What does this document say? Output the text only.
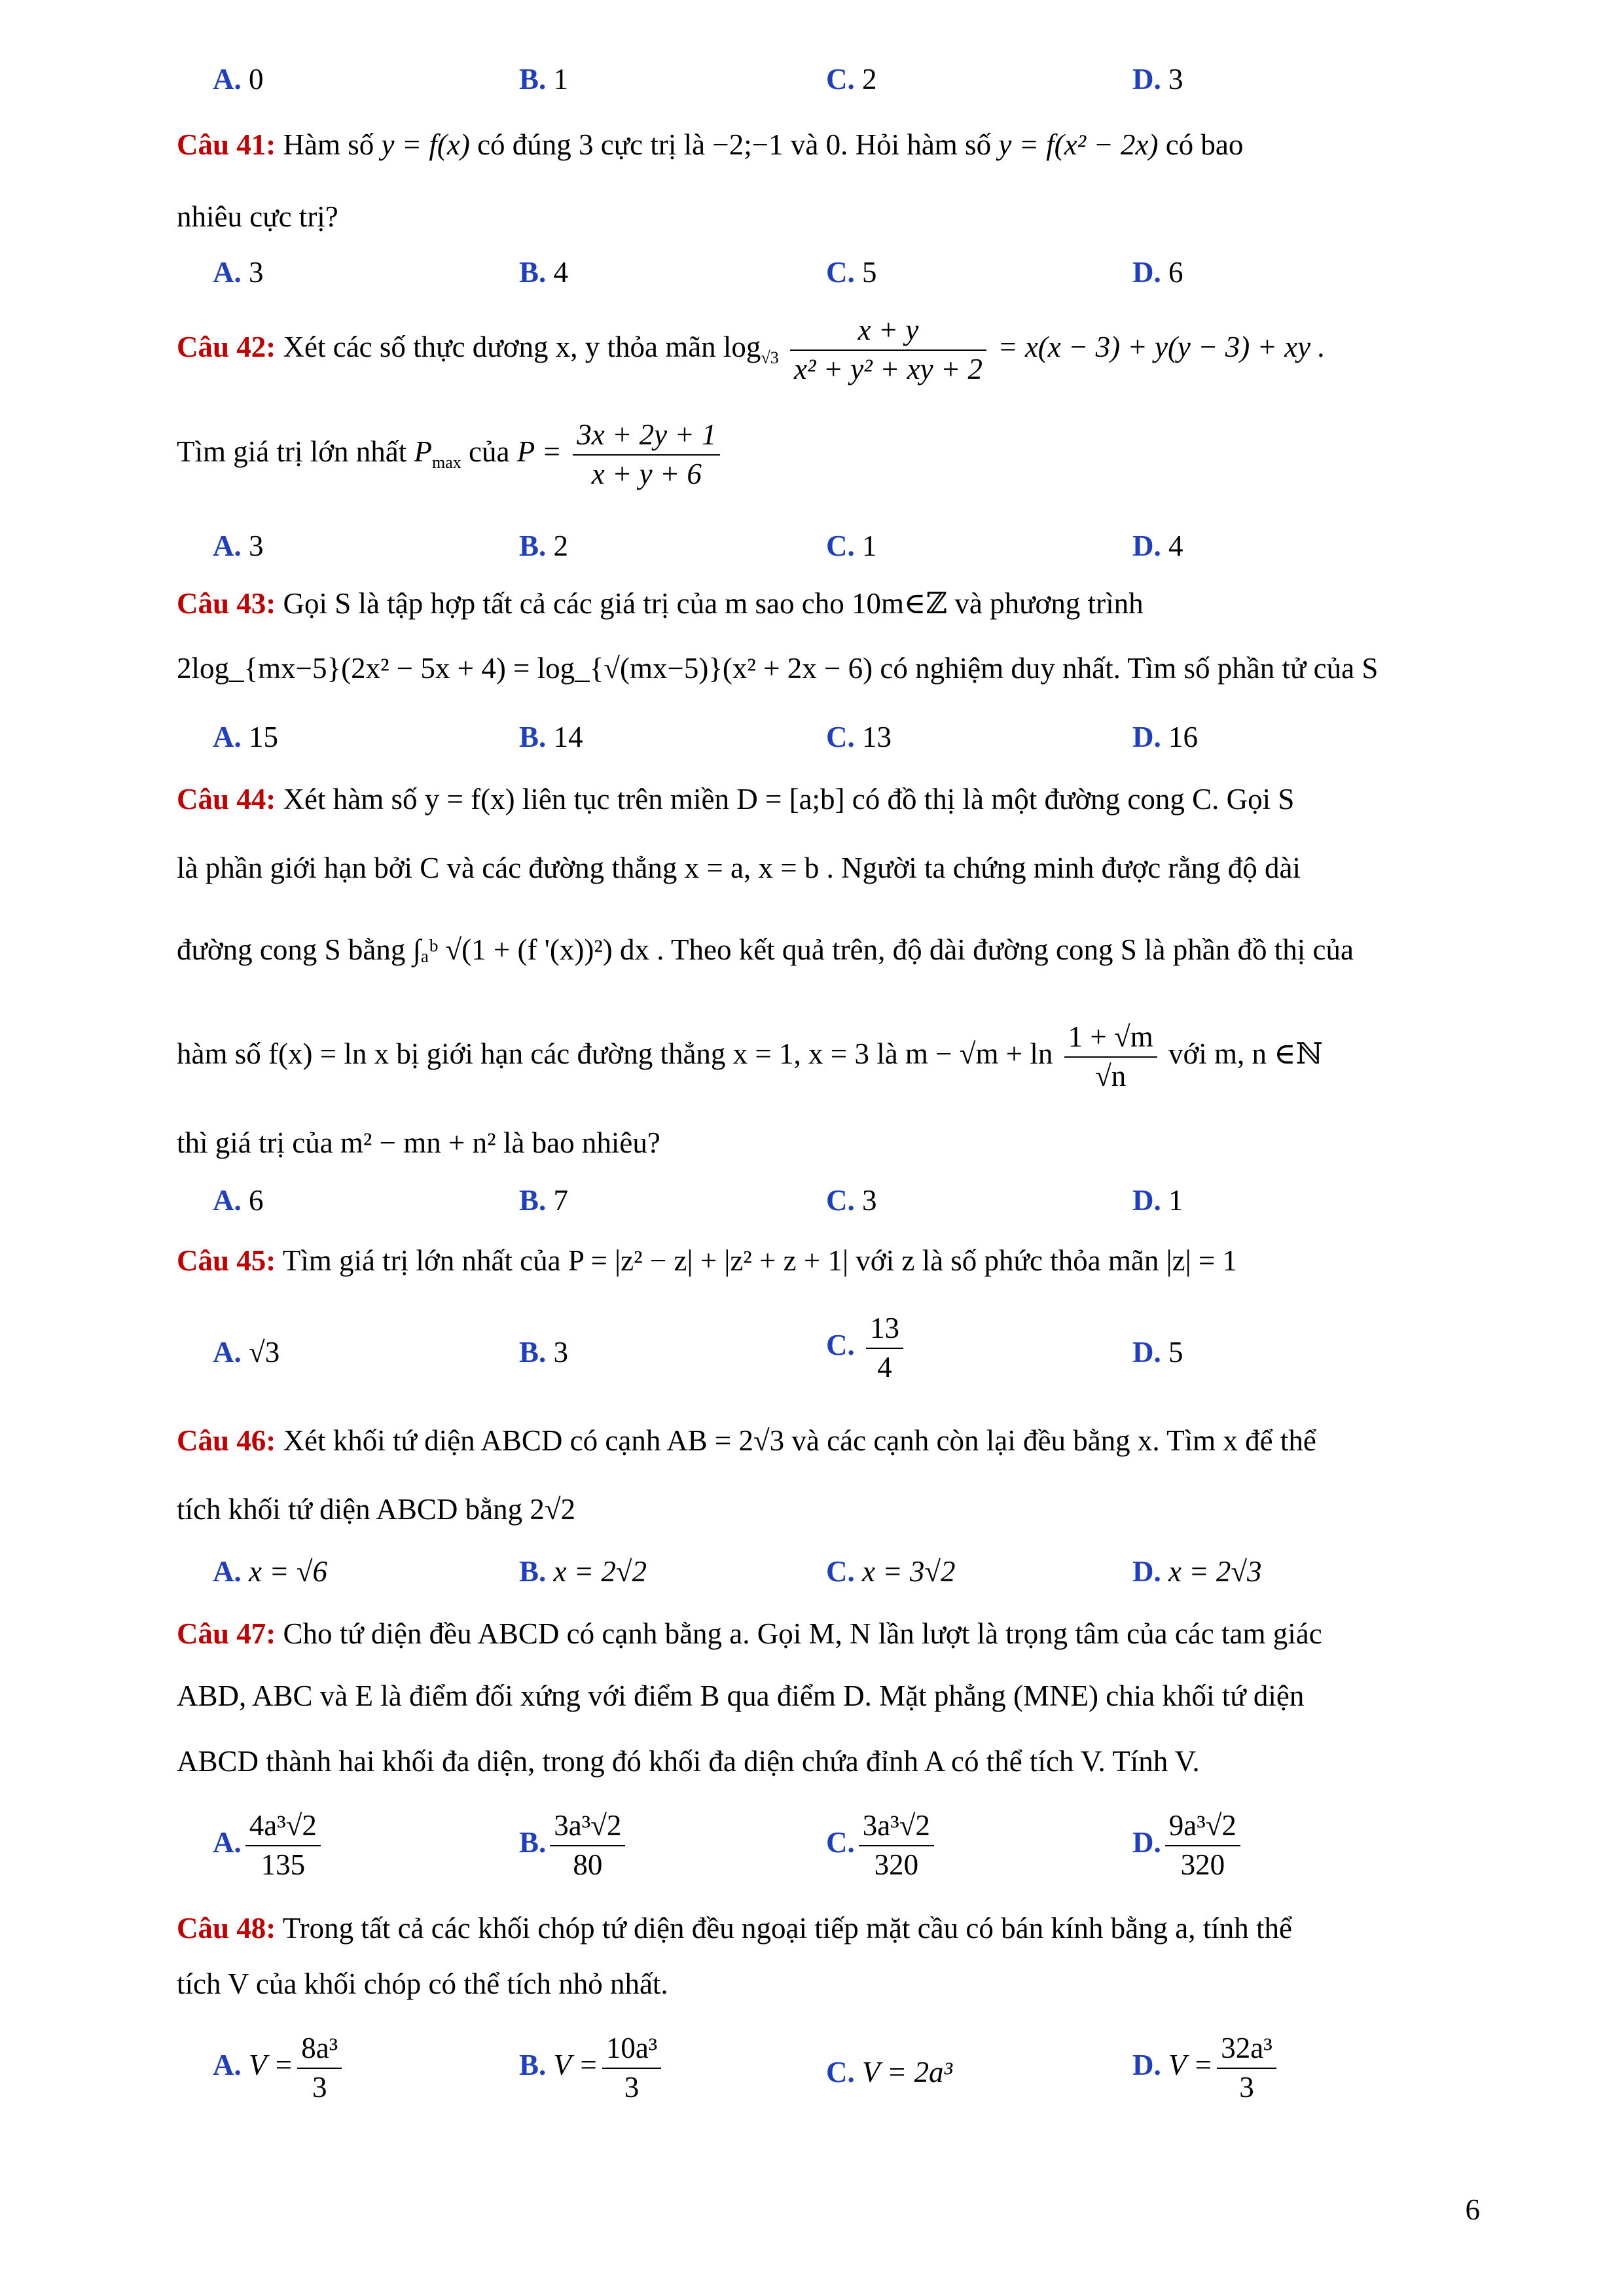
A. 0	B. 1	C. 2	D. 3
Câu 41: Hàm số y = f(x) có đúng 3 cực trị là −2;−1 và 0. Hỏi hàm số y = f(x² − 2x) có bao
nhiêu cực trị?
A. 3	B. 4	C. 5	D. 6
Câu 42: Xét các số thực dương x, y thỏa mãn $\log_{√3} \frac{x + y}{\text{x² + y² + xy + 2}} = x(x - 3) + y(y - 3)$ + xy .
Tìm giá trị lớn nhất $P_{max}$ của $P = \frac{3x + 2y + 1}{x + y + 6}$
A. 3	B. 2	C. 1	D. 4
Câu 43: Gọi S là tập hợp tất cả các giá trị của m sao cho 10m∈ℤ và phương trình
2log_{mx−5}(2x² − 5x + 4) = log_{√(mx−5)}(x² + 2x − 6) có nghiệm duy nhất. Tìm số phần tử của S
A. 15	B. 14	C. 13	D. 16
Câu 44: Xét hàm số y = f(x) liên tục trên miền D = [a;b] có đồ thị là một đường cong C. Gọi S
là phần giới hạn bởi C và các đường thẳng x = a, x = b . Người ta chứng minh được rằng độ dài
đường cong S bằng ∫ₐᵇ √(1 + (f '(x))²) dx . Theo kết quả trên, độ dài đường cong S là phần đồ thị của
hàm số f(x) = ln x bị giới hạn các đường thẳng x = 1, x = 3 là $m - √m + \ln \frac{1 + √m}{√n}$ với m, n ∈ℕ
thì giá trị của m² − mn + n² là bao nhiêu?
A. 6	B. 7	C. 3	D. 1
Câu 45: Tìm giá trị lớn nhất của P = |z² − z| + |z² + z + 1| với z là số phức thỏa mãn |z| = 1
A. √3	B. 3	C. $\frac{13}{4}$	D. 5
Câu 46: Xét khối tứ diện ABCD có cạnh AB = 2√3 và các cạnh còn lại đều bằng x. Tìm x để thể
tích khối tứ diện ABCD bằng 2√2
A. x = √6	B. x = 2√2	C. x = 3√2	D. x = 2√3
Câu 47: Cho tứ diện đều ABCD có cạnh bằng a. Gọi M, N lần lượt là trọng tâm của các tam giác
ABD, ABC và E là điểm đối xứng với điểm B qua điểm D. Mặt phẳng (MNE) chia khối tứ diện
ABCD thành hai khối đa diện, trong đó khối đa diện chứa đỉnh A có thể tích V. Tính V.
A. $\frac{\text{4a³√2}}{135}$	B. $\frac{\text{3a³√2}}{80}$	C. $\frac{\text{3a³√2}}{320}$	D. $\frac{\text{9a³√2}}{320}$
Câu 48: Trong tất cả các khối chóp tứ diện đều ngoại tiếp mặt cầu có bán kính bằng a, tính thể
tích V của khối chóp có thể tích nhỏ nhất.
A. $V = \frac{\text{8a³}}{3}$	B. $V = \frac{\text{10a³}}{3}$	C. V = 2a³	D. $V = \frac{\text{32a³}}{3}$
6
